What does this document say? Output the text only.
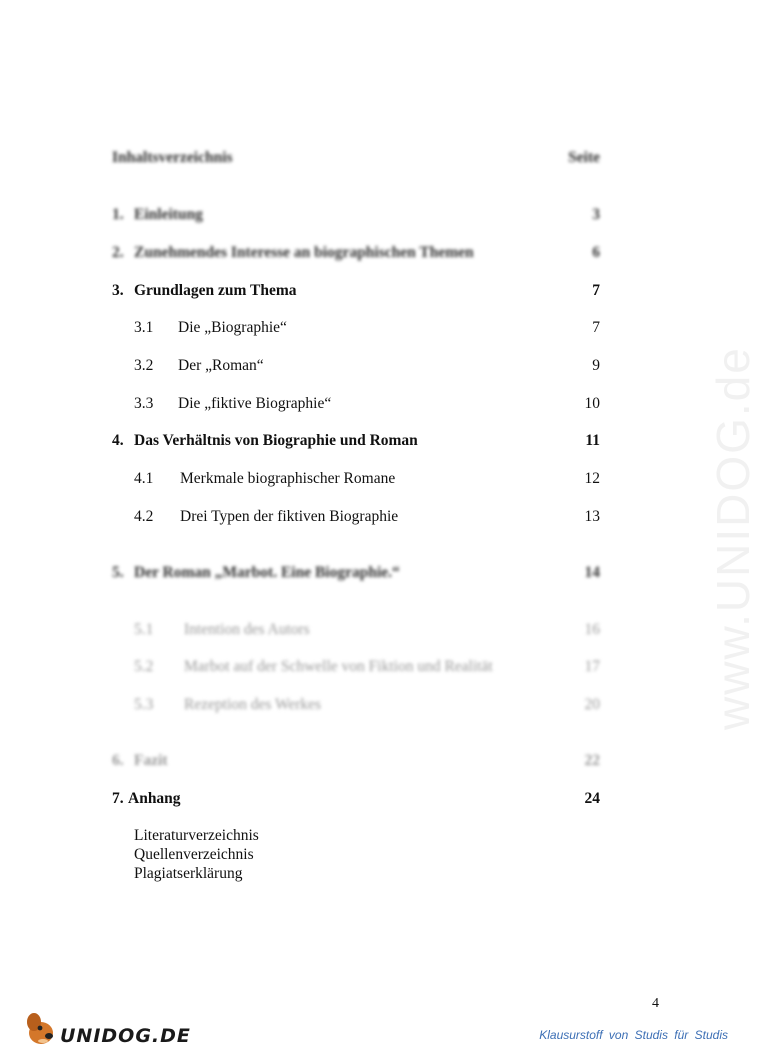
Inhaltsverzeichnis	Seite
1. Einleitung	3
2. Zunehmendes Interesse an biographischen Themen	6
3. Grundlagen zum Thema	7
3.1 Die „Biographie“	7
3.2 Der „Roman“	9
3.3 Die „fiktive Biographie“	10
4. Das Verhältnis von Biographie und Roman	11
4.1 Merkmale biographischer Romane	12
4.2 Drei Typen der fiktiven Biographie	13
5. Der Roman „Marbot. Eine Biographie.“	14
5.1 Intention des Autors	16
5.2 Marbot auf der Schwelle von Fiktion und Realität	17
5.3 Rezeption des Werkes	20
6. Fazit	22
7. Anhang	24
Literaturverzeichnis
Quellenverzeichnis
Plagiatserklärung
4
www.UNIDOG.de
UNIDOG.DE	Klausurstoff von Studis für Studis
